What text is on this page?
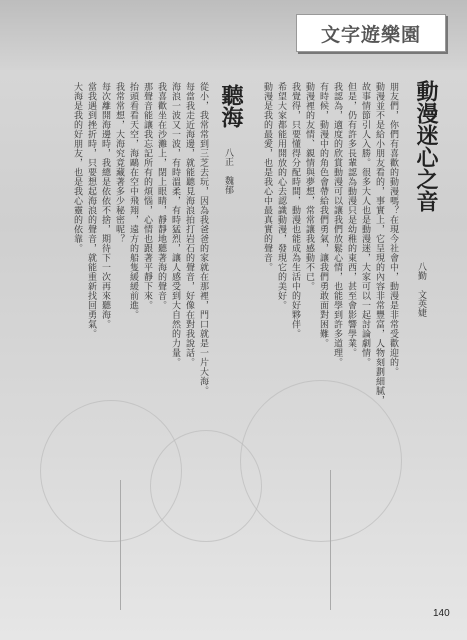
文字遊樂園
動漫迷心之音
八勤 文英婕
朋友們，你們有喜歡的動漫嗎？在現今社會中，動漫是非常受歡迎的。
動漫並不是給小朋友看的，事實上，它呈現的內容非常豐富，人物刻劃細膩，
故事情節引人入勝。很多大人也是動漫迷，大家可以一起討論劇情。
但是，仍有許多長輩認為動漫只是幼稚的東西，甚至會影響學業。
我認為，適度的欣賞動漫可以讓我們放鬆心情，也能學到許多道理。
有時候，動漫中的角色會帶給我們勇氣，讓我們勇敢面對困難。
動漫裡的友情、親情與夢想，常常讓我感動不已。
我覺得，只要懂得分配時間，動漫也能成為生活中的好夥伴。
希望大家都能用開放的心去認識動漫，發現它的美好。
動漫是我的最愛，也是我心中最真實的聲音。
聽海
八正 魏郁
從小，我常常到三芝去玩，因為我爸爸的家就在那裡，門口就是一片大海。
每當我走近海邊，就能聽見海浪拍打岩石的聲音，好像在對我說話。
海浪一波又一波，有時溫柔，有時猛烈，讓人感受到大自然的力量。
我喜歡坐在沙灘上，閉上眼睛，靜靜地聽著海的聲音。
那聲音能讓我忘記所有的煩惱，心情也跟著平靜下來。
抬頭看看天空，海鷗在空中飛翔，遠方的船隻緩緩前進。
我常常想，大海究竟藏著多少秘密呢？
每次離開海邊時，我總是依依不捨，期待下一次再來聽海。
當我遇到挫折時，只要想起海浪的聲音，就能重新找回勇氣。
大海是我的好朋友，也是我心靈的依靠。
140
